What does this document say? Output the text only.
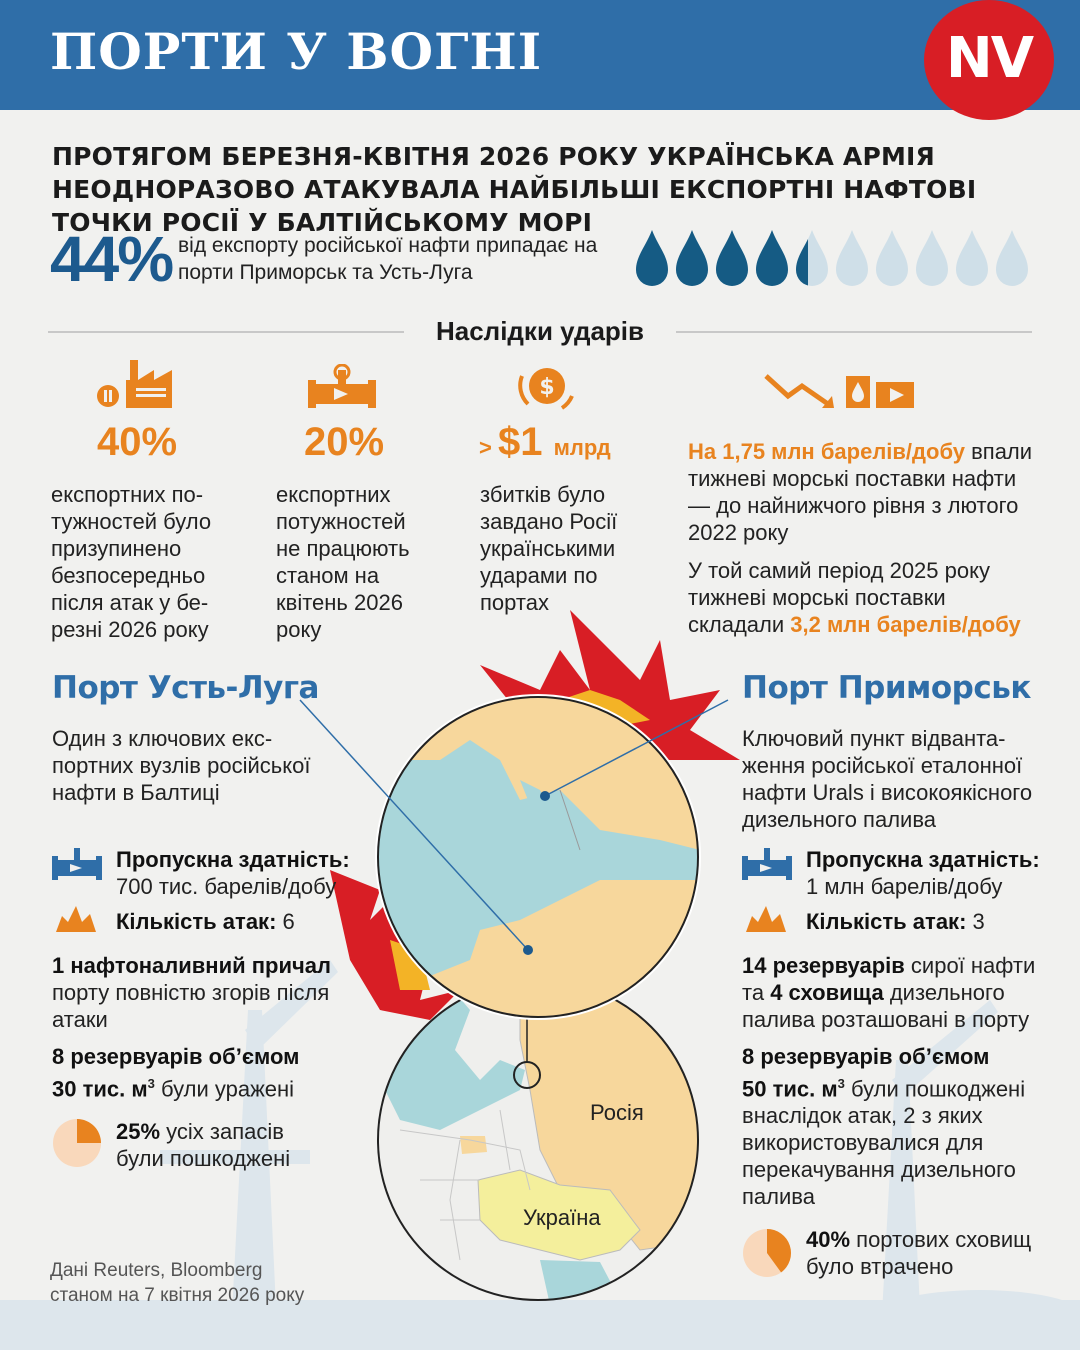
ПОРТИ У ВОГНІ	NV
ПРОТЯГОМ БЕРЕЗНЯ-КВІТНЯ 2026 РОКУ УКРАЇНСЬКА АРМІЯ НЕОДНОРАЗОВО АТАКУВАЛА НАЙБІЛЬШІ ЕКСПОРТНІ НАФТОВІ ТОЧКИ РОСІЇ У БАЛТІЙСЬКОМУ МОРІ
44% від експорту російської нафти припадає на порти Приморськ та Усть-Луга
Наслідки ударів
$
40%	20%	> $1 млрд
експортних по-тужностей було призупинено безпосередньо після атак у бе-резні 2026 року
експортних потужностей не працюють станом на квітень 2026 року
збитків було завдано Росії українськими ударами по портах
На 1,75 млн барелів/добу впали тижневі морські поставки нафти — до найнижчого рівня з лютого 2022 року
У той самий період 2025 року тижневі морські поставки складали 3,2 млн барелів/добу
Росія
Україна
Порт Усть-Луга
Один з ключових екс-портних вузлів російської нафти в Балтиці
Пропускна здатність:
700 тис. барелів/добу
Кількість атак: 6
1 нафтоналивний причал
порту повністю згорів після атаки
8 резервуарів об’ємом
30 тис. $м^3$ були уражені
25% усіх запасів
були пошкоджені
Порт Приморськ
Ключовий пункт відванта-ження російської еталонної нафти Urals і високоякісного дизельного палива
Пропускна здатність:
1 млн барелів/добу
Кількість атак: 3
14 резервуарів сирої нафти та 4 сховища дизельного палива розташовані в порту
8 резервуарів об’ємом
50 тис. $м^3$ були пошкоджені внаслідок атак, 2 з яких використовувалися для перекачування дизельного палива
40% портових сховищ
було втрачено
Дані Reuters, Bloomberg
станом на 7 квітня 2026 року
